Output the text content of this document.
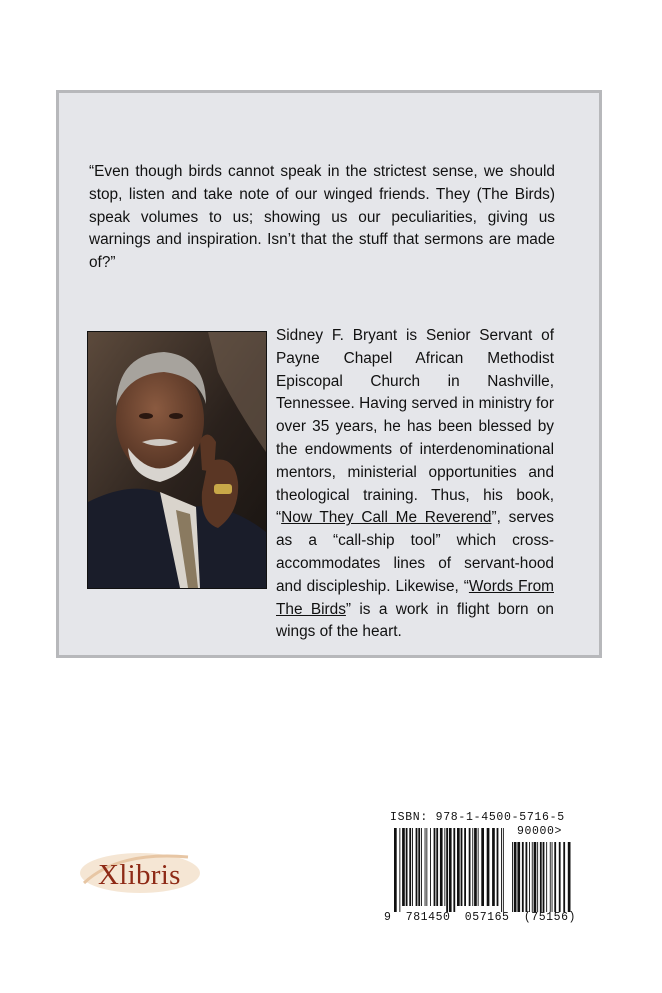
“Even though birds cannot speak in the strictest sense, we should stop, listen and take note of our winged friends. They (The Birds) speak volumes to us; showing us our peculiarities, giving us warnings and inspiration. Isn’t that the stuff that sermons are made of?”

Sidney F. Bryant is Senior Servant of Payne Chapel African Methodist Episcopal Church in Nashville, Tennessee. Having served in ministry for over 35 years, he has been blessed by the endowments of interdenominational mentors, ministerial opportunities and theological training. Thus, his book, “Now They Call Me Reverend”, serves as a “call-ship tool” which cross-accommodates lines of servant-hood and discipleship. Likewise, “Words From The Birds” is a work in flight born on wings of the heart.

Xlibris
ISBN: 978-1-4500-5716-5
90000>
9 781450 057165 (75156)
